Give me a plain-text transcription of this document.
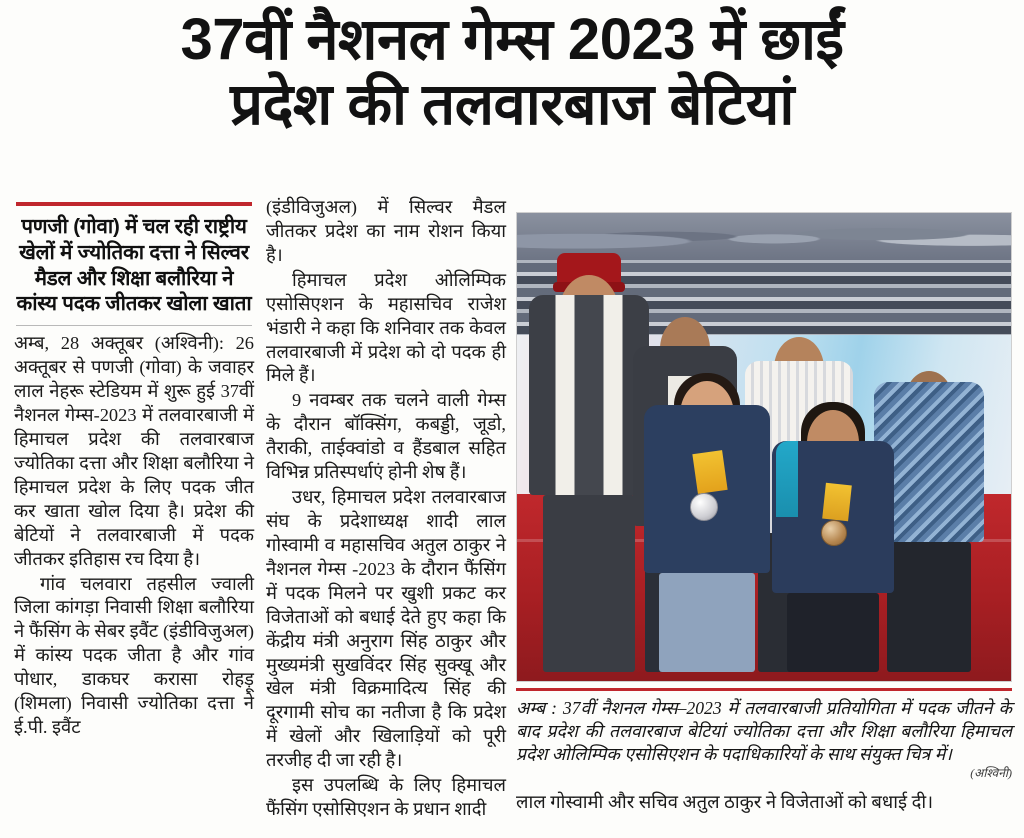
37वीं नैशनल गेम्स 2023 में छाईं
प्रदेश की तलवारबाज बेटियां
पणजी (गोवा) में चल रही राष्ट्रीय खेलों में ज्योतिका दत्ता ने सिल्वर मैडल और शिक्षा बलौरिया ने कांस्य पदक जीतकर खोला खाता

अम्ब, 28 अक्तूबर (अश्विनी): 26 अक्तूबर से पणजी (गोवा) के जवाहर लाल नेहरू स्टेडियम में शुरू हुई 37वीं नैशनल गेम्स-2023 में तलवारबाजी में हिमाचल प्रदेश की तलवारबाज ज्योतिका दत्ता और शिक्षा बलौरिया ने हिमाचल प्रदेश के लिए पदक जीत कर खाता खोल दिया है। प्रदेश की बेटियों ने तलवारबाजी में पदक जीतकर इतिहास रच दिया है।

गांव चलवारा तहसील ज्वाली जिला कांगड़ा निवासी शिक्षा बलौरिया ने फैंसिंग के सेबर इवैंट (इंडीविजुअल) में कांस्य पदक जीता है और गांव पोधार, डाकघर करासा रोहड़ू (शिमला) निवासी ज्योतिका दत्ता ने ई.पी. इवैंट

(इंडीविजुअल) में सिल्वर मैडल जीतकर प्रदेश का नाम रोशन किया है।

हिमाचल प्रदेश ओलिम्पिक एसोसिएशन के महासचिव राजेश भंडारी ने कहा कि शनिवार तक केवल तलवारबाजी में प्रदेश को दो पदक ही मिले हैं।

9 नवम्बर तक चलने वाली गेम्स के दौरान बॉक्सिंग, कबड्डी, जूडो, तैराकी, ताईक्वांडो व हैंडबाल सहित विभिन्न प्रतिस्पर्धाएं होनी शेष हैं।

उधर, हिमाचल प्रदेश तलवारबाज संघ के प्रदेशाध्यक्ष शादी लाल गोस्वामी व महासचिव अतुल ठाकुर ने नैशनल गेम्स -2023 के दौरान फैंसिंग में पदक मिलने पर खुशी प्रकट कर विजेताओं को बधाई देते हुए कहा कि केंद्रीय मंत्री अनुराग सिंह ठाकुर और मुख्यमंत्री सुखविंदर सिंह सुक्खू और खेल मंत्री विक्रमादित्य सिंह की दूरगामी सोच का नतीजा है कि प्रदेश में खेलों और खिलाड़ियों को पूरी तरजीह दी जा रही है।

इस उपलब्धि के लिए हिमाचल फैंसिंग एसोसिएशन के प्रधान शादी

अम्ब : 37वीं नैशनल गेम्स–2023 में तलवारबाजी प्रतियोगिता में पदक जीतने के बाद प्रदेश की तलवारबाज बेटियां ज्योतिका दत्ता और शिक्षा बलौरिया हिमाचल प्रदेश ओलिम्पिक एसोसिएशन के पदाधिकारियों के साथ संयुक्त चित्र में।

(अश्विनी)

लाल गोस्वामी और सचिव अतुल ठाकुर ने विजेताओं को बधाई दी।
